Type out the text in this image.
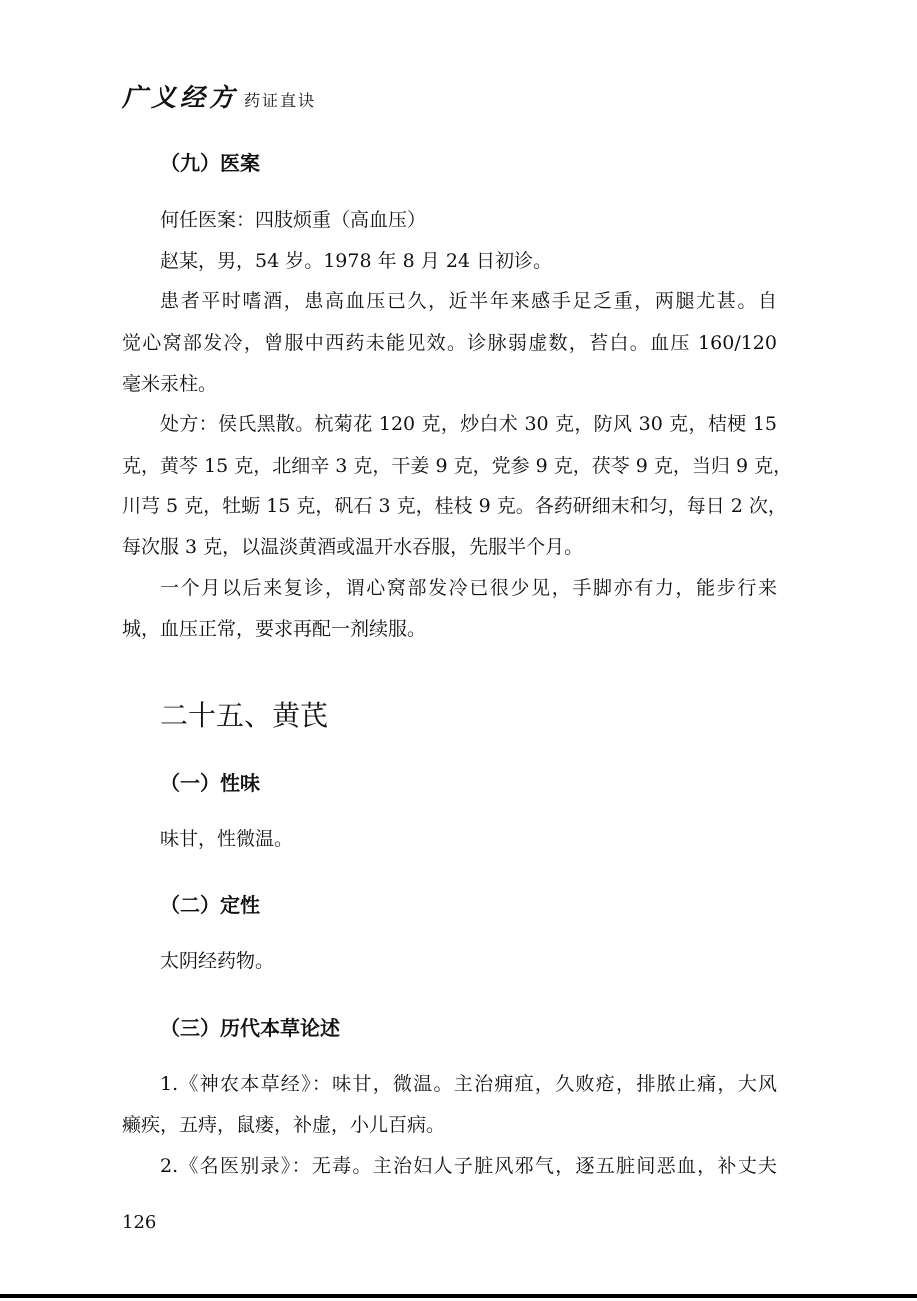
广义经方 药证直诀
（九）医案
何任医案：四肢烦重（高血压）
赵某，男，54 岁。1978 年 8 月 24 日初诊。
患者平时嗜酒，患高血压已久，近半年来感手足乏重，两腿尤甚。自
觉心窝部发冷，曾服中西药未能见效。诊脉弱虚数，苔白。血压 160/120
毫米汞柱。
处方：侯氏黑散。杭菊花 120 克，炒白术 30 克，防风 30 克，桔梗 15
克，黄芩 15 克，北细辛 3 克，干姜 9 克，党参 9 克，茯苓 9 克，当归 9 克，
川芎 5 克，牡蛎 15 克，矾石 3 克，桂枝 9 克。各药研细末和匀，每日 2 次，
每次服 3 克，以温淡黄酒或温开水吞服，先服半个月。
一个月以后来复诊，谓心窝部发冷已很少见，手脚亦有力，能步行来
城，血压正常，要求再配一剂续服。
二十五、黄芪
（一）性味
味甘，性微温。
（二）定性
太阴经药物。
（三）历代本草论述
1.《神农本草经》：味甘，微温。主治痈疽，久败疮，排脓止痛，大风
癞疾，五痔，鼠瘘，补虚，小儿百病。
2.《名医别录》：无毒。主治妇人子脏风邪气，逐五脏间恶血，补丈夫
126
